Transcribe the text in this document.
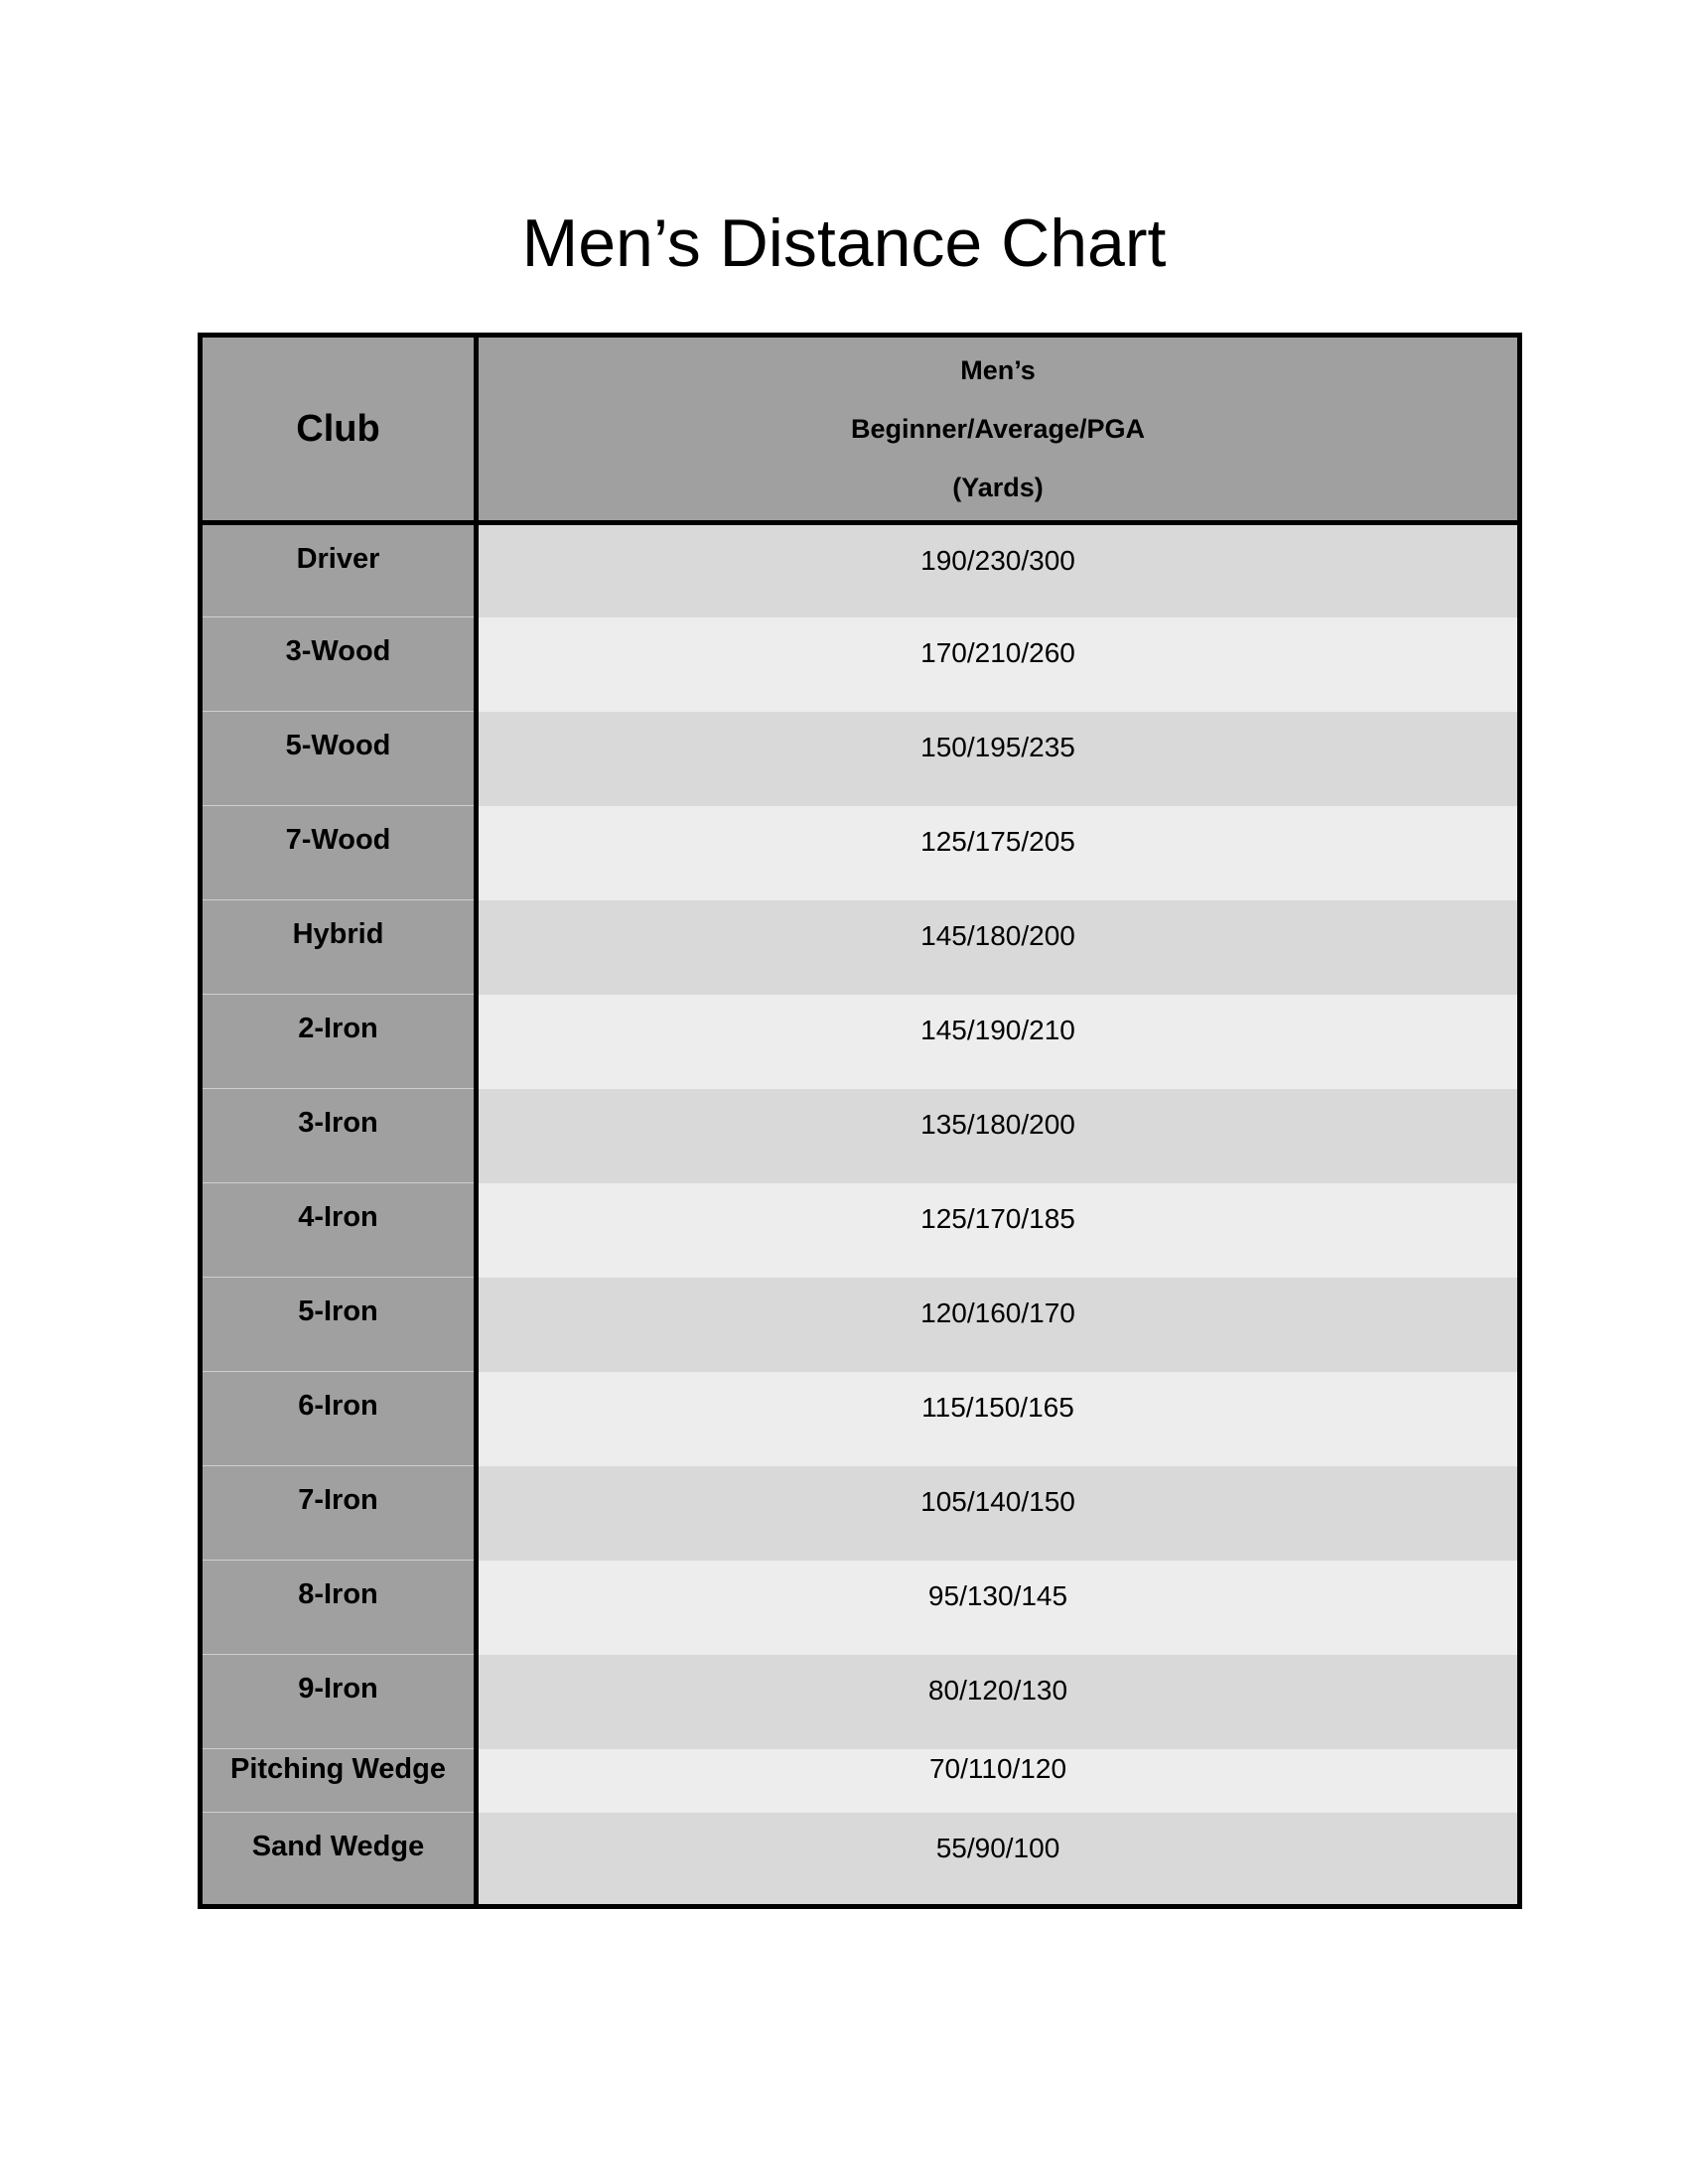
Men’s Distance Chart
Club	Men’s
Beginner/Average/PGA
(Yards)

Driver	190/230/300
3-Wood	170/210/260
5-Wood	150/195/235
7-Wood	125/175/205
Hybrid	145/180/200
2-Iron	145/190/210
3-Iron	135/180/200
4-Iron	125/170/185
5-Iron	120/160/170
6-Iron	115/150/165
7-Iron	105/140/150
8-Iron	95/130/145
9-Iron	80/120/130
Pitching Wedge	70/110/120
Sand Wedge	55/90/100
